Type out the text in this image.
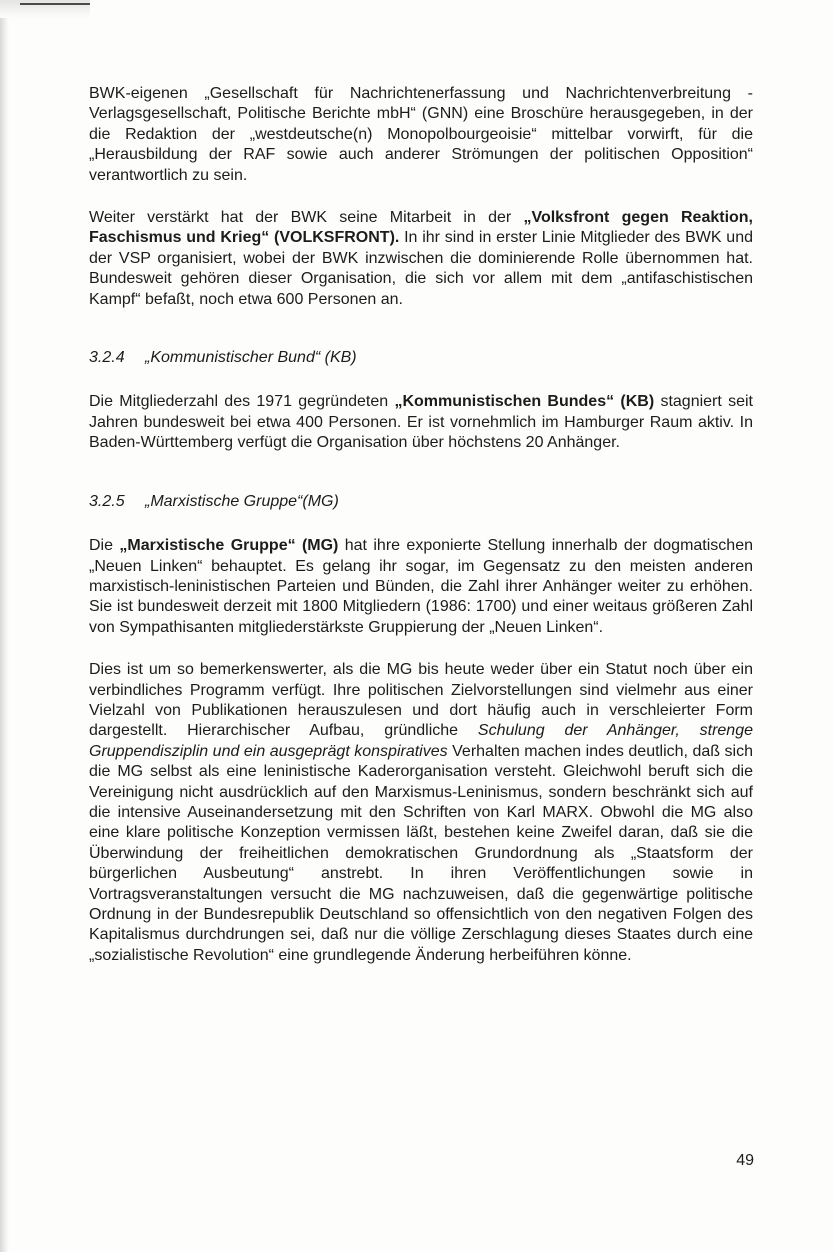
BWK-eigenen „Gesellschaft für Nachrichtenerfassung und Nachrichtenverbreitung - Verlagsgesellschaft, Politische Berichte mbH“ (GNN) eine Broschüre herausgegeben, in der die Redaktion der „westdeutsche(n) Monopolbourgeoisie“ mittelbar vorwirft, für die „Herausbildung der RAF sowie auch anderer Strömungen der politischen Opposition“ verantwortlich zu sein.

Weiter verstärkt hat der BWK seine Mitarbeit in der „Volksfront gegen Reaktion, Faschismus und Krieg“ (VOLKSFRONT). In ihr sind in erster Linie Mitglieder des BWK und der VSP organisiert, wobei der BWK inzwischen die dominierende Rolle übernommen hat. Bundesweit gehören dieser Organisation, die sich vor allem mit dem „antifaschistischen Kampf“ befaßt, noch etwa 600 Personen an.

3.2.4 „Kommunistischer Bund“ (KB)

Die Mitgliederzahl des 1971 gegründeten „Kommunistischen Bundes“ (KB) stagniert seit Jahren bundesweit bei etwa 400 Personen. Er ist vornehmlich im Hamburger Raum aktiv. In Baden-Württemberg verfügt die Organisation über höchstens 20 Anhänger.

3.2.5 „Marxistische Gruppe“(MG)

Die „Marxistische Gruppe“ (MG) hat ihre exponierte Stellung innerhalb der dogmatischen „Neuen Linken“ behauptet. Es gelang ihr sogar, im Gegensatz zu den meisten anderen marxistisch-leninistischen Parteien und Bünden, die Zahl ihrer Anhänger weiter zu erhöhen. Sie ist bundesweit derzeit mit 1800 Mitgliedern (1986: 1700) und einer weitaus größeren Zahl von Sympathisanten mitgliederstärkste Gruppierung der „Neuen Linken“.

Dies ist um so bemerkenswerter, als die MG bis heute weder über ein Statut noch über ein verbindliches Programm verfügt. Ihre politischen Zielvorstellungen sind vielmehr aus einer Vielzahl von Publikationen herauszulesen und dort häufig auch in verschleierter Form dargestellt. Hierarchischer Aufbau, gründliche Schulung der Anhänger, strenge Gruppendisziplin und ein ausgeprägt konspiratives Verhalten machen indes deutlich, daß sich die MG selbst als eine leninistische Kaderorganisation versteht. Gleichwohl beruft sich die Vereinigung nicht ausdrücklich auf den Marxismus-Leninismus, sondern beschränkt sich auf die intensive Auseinandersetzung mit den Schriften von Karl MARX. Obwohl die MG also eine klare politische Konzeption vermissen läßt, bestehen keine Zweifel daran, daß sie die Überwindung der freiheitlichen demokratischen Grundordnung als „Staatsform der bürgerlichen Ausbeutung“ anstrebt. In ihren Veröffentlichungen sowie in Vortragsveranstaltungen versucht die MG nachzuweisen, daß die gegenwärtige politische Ordnung in der Bundesrepublik Deutschland so offensichtlich von den negativen Folgen des Kapitalismus durchdrungen sei, daß nur die völlige Zerschlagung dieses Staates durch eine „sozialistische Revolution“ eine grundlegende Änderung herbeiführen könne.

49
